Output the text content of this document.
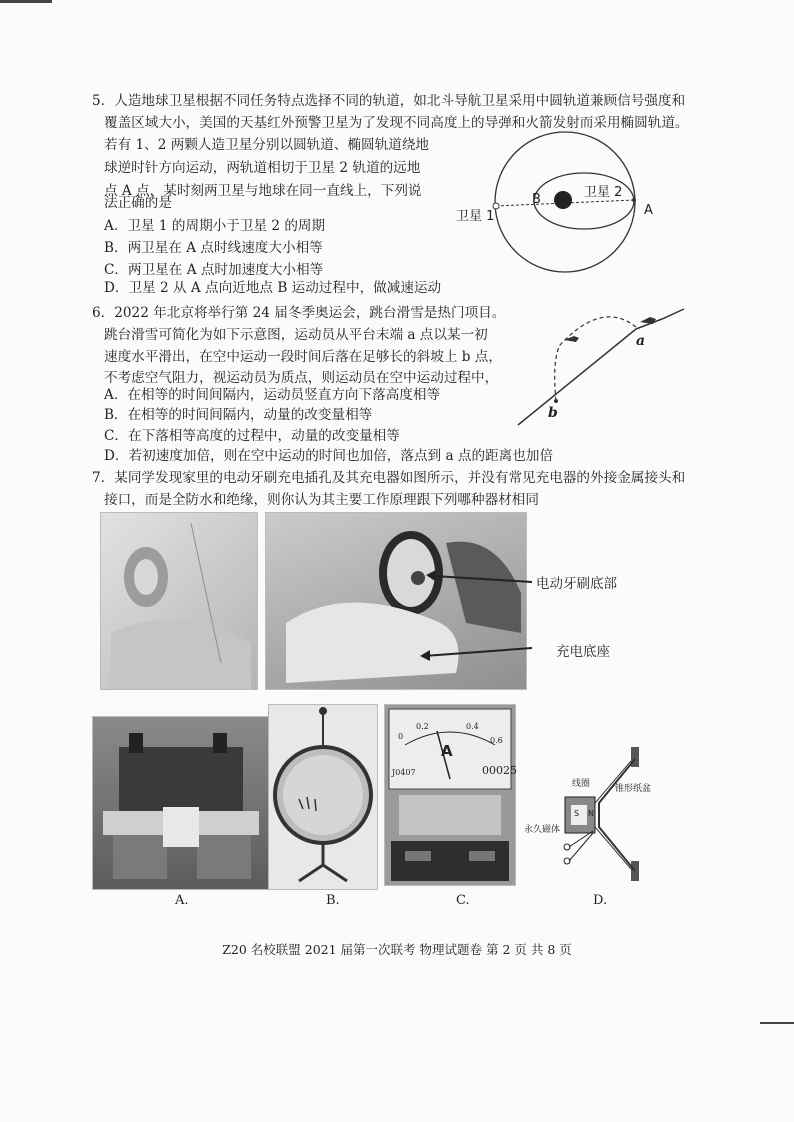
5．人造地球卫星根据不同任务特点选择不同的轨道，如北斗导航卫星采用中圆轨道兼顾信号强度和
覆盖区域大小，美国的天基红外预警卫星为了发现不同高度上的导弹和火箭发射而采用椭圆轨道。
若有 1、2 两颗人造卫星分别以圆轨道、椭圆轨道绕地
球逆时针方向运动，两轨道相切于卫星 2 轨道的远地
点 A 点，某时刻两卫星与地球在同一直线上，下列说
法正确的是
A．卫星 1 的周期小于卫星 2 的周期
B．两卫星在 A 点时线速度大小相等
C．两卫星在 A 点时加速度大小相等
D．卫星 2 从 A 点向近地点 B 运动过程中，做减速运动
卫星 1
卫星 2
A
B
6．2022 年北京将举行第 24 届冬季奥运会，跳台滑雪是热门项目。
跳台滑雪可简化为如下示意图，运动员从平台末端 a 点以某一初
速度水平滑出，在空中运动一段时间后落在足够长的斜坡上 b 点，
不考虑空气阻力，视运动员为质点，则运动员在空中运动过程中，
A．在相等的时间间隔内，运动员竖直方向下落高度相等
B．在相等的时间间隔内，动量的改变量相等
C．在下落相等高度的过程中，动量的改变量相等
D．若初速度加倍，则在空中运动的时间也加倍，落点到 a 点的距离也加倍
a
b
7．某同学发现家里的电动牙刷充电插孔及其充电器如图所示，并没有常见充电器的外接金属接头和
接口，而是全防水和绝缘，则你认为其主要工作原理跟下列哪种器材相同
电动牙刷底部
充电底座
A
0
0.2	0.4
0.6
J0407	00025
S N
线圈	锥形纸盆
永久磁体
A.	B.	C.	D.
Z20 名校联盟 2021 届第一次联考 物理试题卷 第 2 页 共 8 页
